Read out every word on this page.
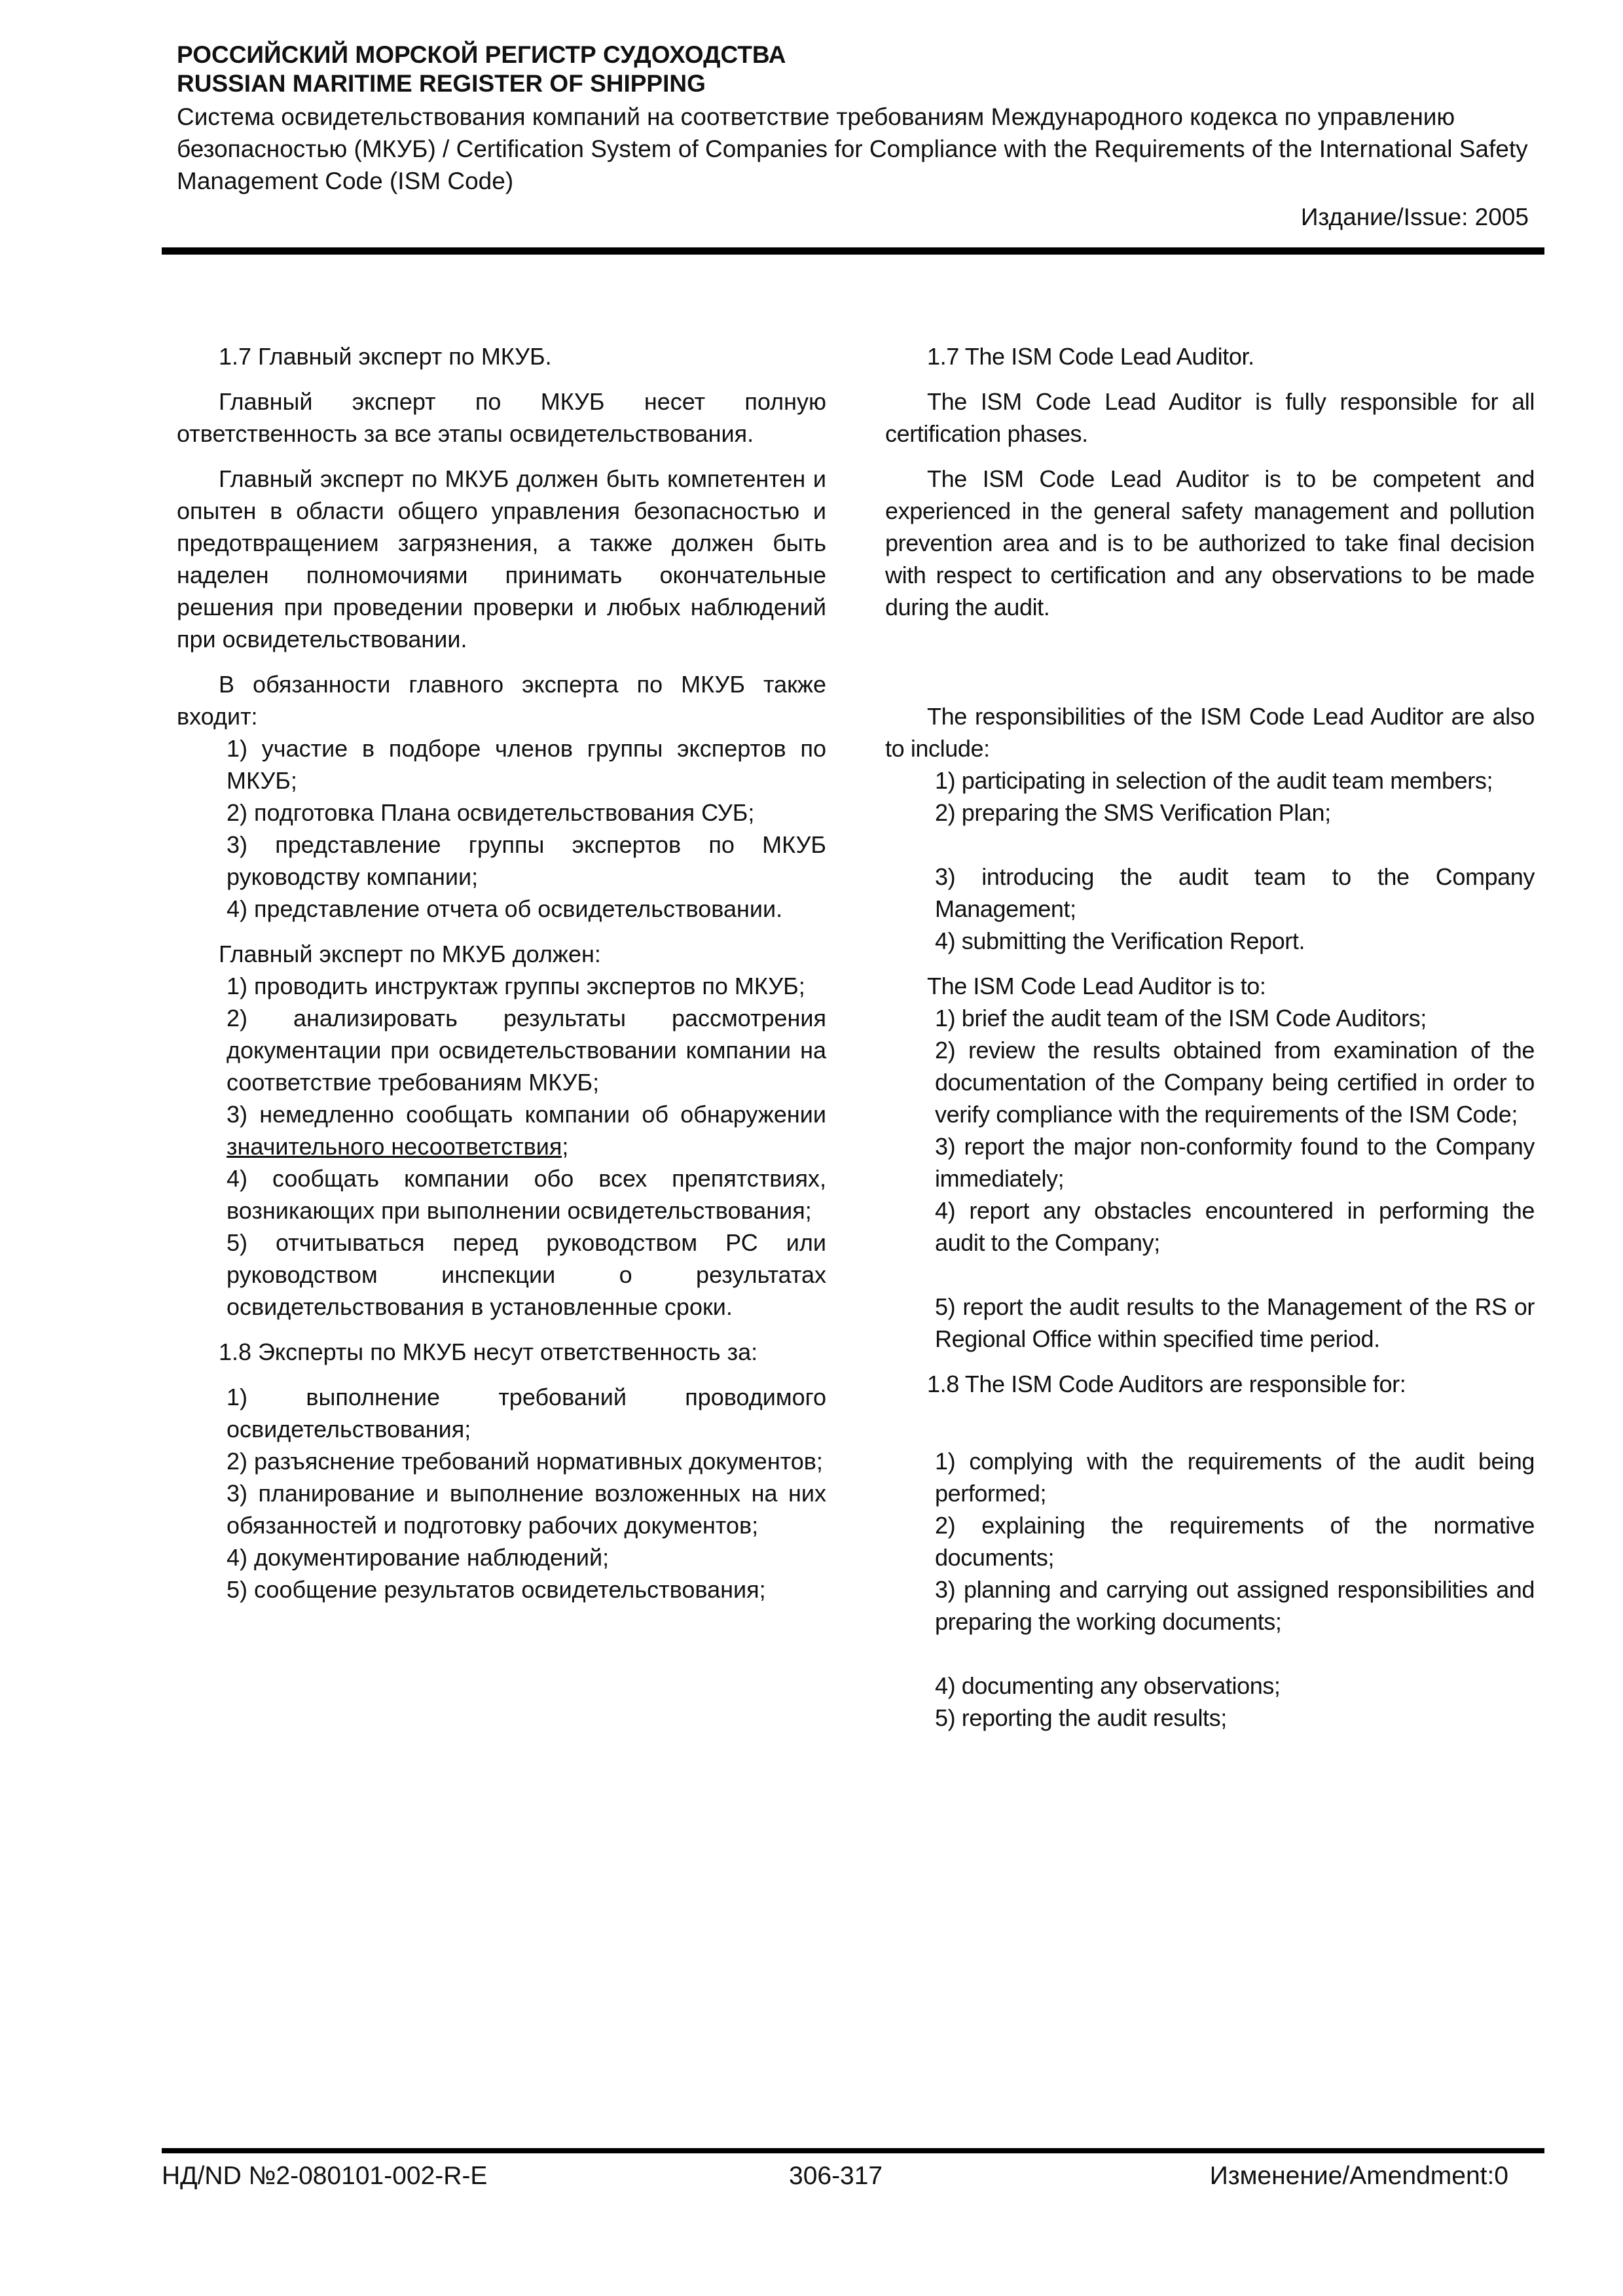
РОССИЙСКИЙ МОРСКОЙ РЕГИСТР СУДОХОДСТВА

RUSSIAN MARITIME REGISTER OF SHIPPING

Система освидетельствования компаний на соответствие требованиям Международного кодекса по управлению безопасностью (МКУБ) / Certification System of Companies for Compliance with the Requirements of the International Safety Management Code (ISM Code)

Издание/Issue: 2005

1.7 Главный эксперт по МКУБ.

Главный эксперт по МКУБ несет полную ответственность за все этапы освидетельствования.

Главный эксперт по МКУБ должен быть компетентен и опытен в области общего управления безопасностью и предотвращением загрязнения, а также должен быть наделен полномочиями принимать окончательные решения при проведении проверки и любых наблюдений при освидетельствовании.

В обязанности главного эксперта по МКУБ также входит:

1) участие в подборе членов группы экспертов по МКУБ;

2) подготовка Плана освидетельствования СУБ;

3) представление группы экспертов по МКУБ руководству компании;

4) представление отчета об освидетельствовании.

Главный эксперт по МКУБ должен:

1) проводить инструктаж группы экспертов по МКУБ;

2) анализировать результаты рассмотрения документации при освидетельствовании компании на соответствие требованиям МКУБ;

3) немедленно сообщать компании об обнаружении значительного несоответствия;

4) сообщать компании обо всех препятствиях, возникающих при выполнении освидетельствования;

5) отчитываться перед руководством РС или руководством инспекции о результатах освидетельствования в установленные сроки.

1.8 Эксперты по МКУБ несут ответственность за:

1) выполнение требований проводимого освидетельствования;

2) разъяснение требований нормативных документов;

3) планирование и выполнение возложенных на них обязанностей и подготовку рабочих документов;

4) документирование наблюдений;

5) сообщение результатов освидетельствования;

1.7 The ISM Code Lead Auditor.

The ISM Code Lead Auditor is fully responsible for all certification phases.

The ISM Code Lead Auditor is to be competent and experienced in the general safety management and pollution prevention area and is to be authorized to take final decision with respect to certification and any observations to be made during the audit.

The responsibilities of the ISM Code Lead Auditor are also to include:

1) participating in selection of the audit team members;

2) preparing the SMS Verification Plan;

3) introducing the audit team to the Company Management;

4) submitting the Verification Report.

The ISM Code Lead Auditor is to:

1) brief the audit team of the ISM Code Auditors;

2) review the results obtained from examination of the documentation of the Company being certified in order to verify compliance with the requirements of the ISM Code;

3) report the major non-conformity found to the Company immediately;

4) report any obstacles encountered in performing the audit to the Company;

5) report the audit results to the Management of the RS or Regional Office within specified time period.

1.8 The ISM Code Auditors are responsible for:

1) complying with the requirements of the audit being performed;

2) explaining the requirements of the normative documents;

3) planning and carrying out assigned responsibilities and preparing the working documents;

4) documenting any observations;

5) reporting the audit results;

НД/ND №2-080101-002-R-E	306-317	Изменение/Amendment:0
